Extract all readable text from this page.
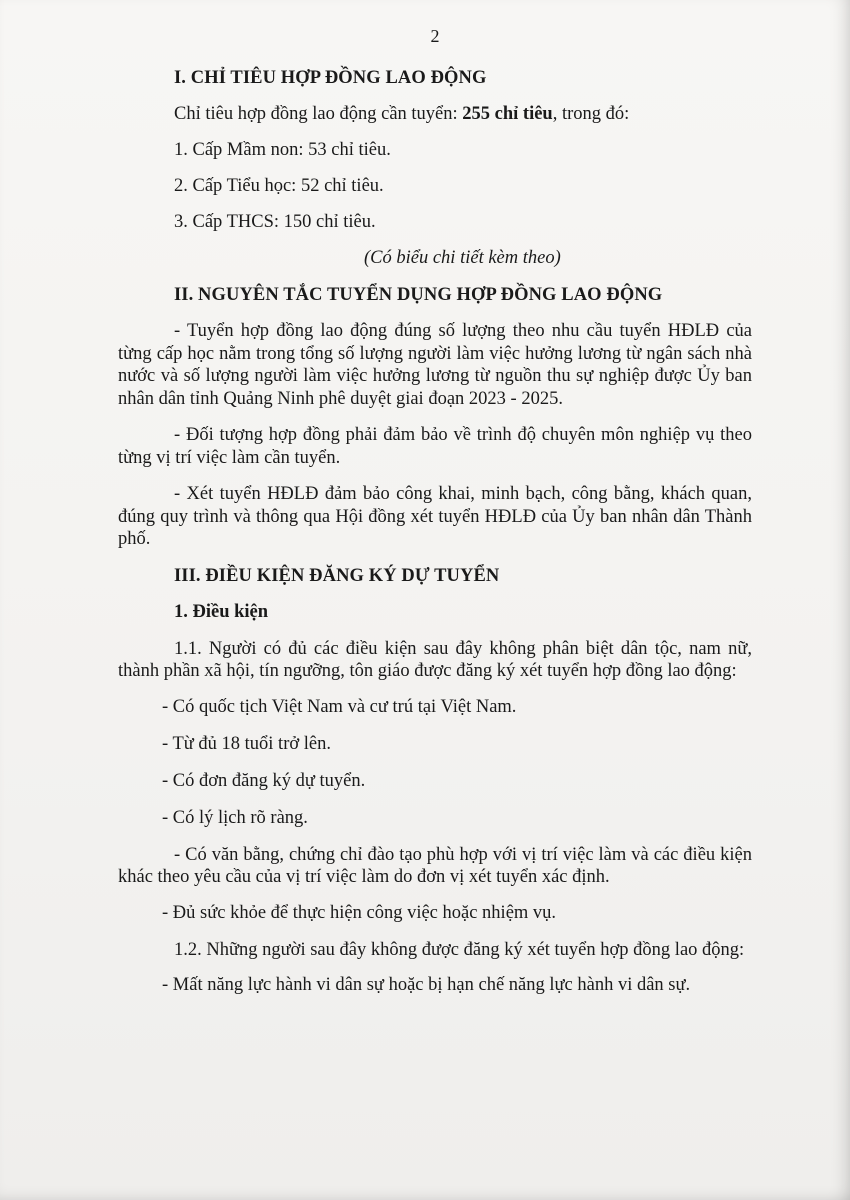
2
I. CHỈ TIÊU HỢP ĐỒNG LAO ĐỘNG
Chỉ tiêu hợp đồng lao động cần tuyển: 255 chỉ tiêu, trong đó:
1. Cấp Mầm non: 53 chỉ tiêu.
2. Cấp Tiểu học: 52 chỉ tiêu.
3. Cấp THCS: 150 chỉ tiêu.
(Có biểu chi tiết kèm theo)
II. NGUYÊN TẮC TUYỂN DỤNG HỢP ĐỒNG LAO ĐỘNG
- Tuyển hợp đồng lao động đúng số lượng theo nhu cầu tuyển HĐLĐ của từng cấp học nằm trong tổng số lượng người làm việc hưởng lương từ ngân sách nhà nước và số lượng người làm việc hưởng lương từ nguồn thu sự nghiệp được Ủy ban nhân dân tỉnh Quảng Ninh phê duyệt giai đoạn 2023 - 2025.
- Đối tượng hợp đồng phải đảm bảo về trình độ chuyên môn nghiệp vụ theo từng vị trí việc làm cần tuyển.
- Xét tuyển HĐLĐ đảm bảo công khai, minh bạch, công bằng, khách quan, đúng quy trình và thông qua Hội đồng xét tuyển HĐLĐ của Ủy ban nhân dân Thành phố.
III. ĐIỀU KIỆN ĐĂNG KÝ DỰ TUYỂN
1. Điều kiện
1.1. Người có đủ các điều kiện sau đây không phân biệt dân tộc, nam nữ, thành phần xã hội, tín ngưỡng, tôn giáo được đăng ký xét tuyển hợp đồng lao động:
- Có quốc tịch Việt Nam và cư trú tại Việt Nam.
- Từ đủ 18 tuổi trở lên.
- Có đơn đăng ký dự tuyển.
- Có lý lịch rõ ràng.
- Có văn bằng, chứng chỉ đào tạo phù hợp với vị trí việc làm và các điều kiện khác theo yêu cầu của vị trí việc làm do đơn vị xét tuyển xác định.
- Đủ sức khỏe để thực hiện công việc hoặc nhiệm vụ.
1.2. Những người sau đây không được đăng ký xét tuyển hợp đồng lao động:
- Mất năng lực hành vi dân sự hoặc bị hạn chế năng lực hành vi dân sự.
